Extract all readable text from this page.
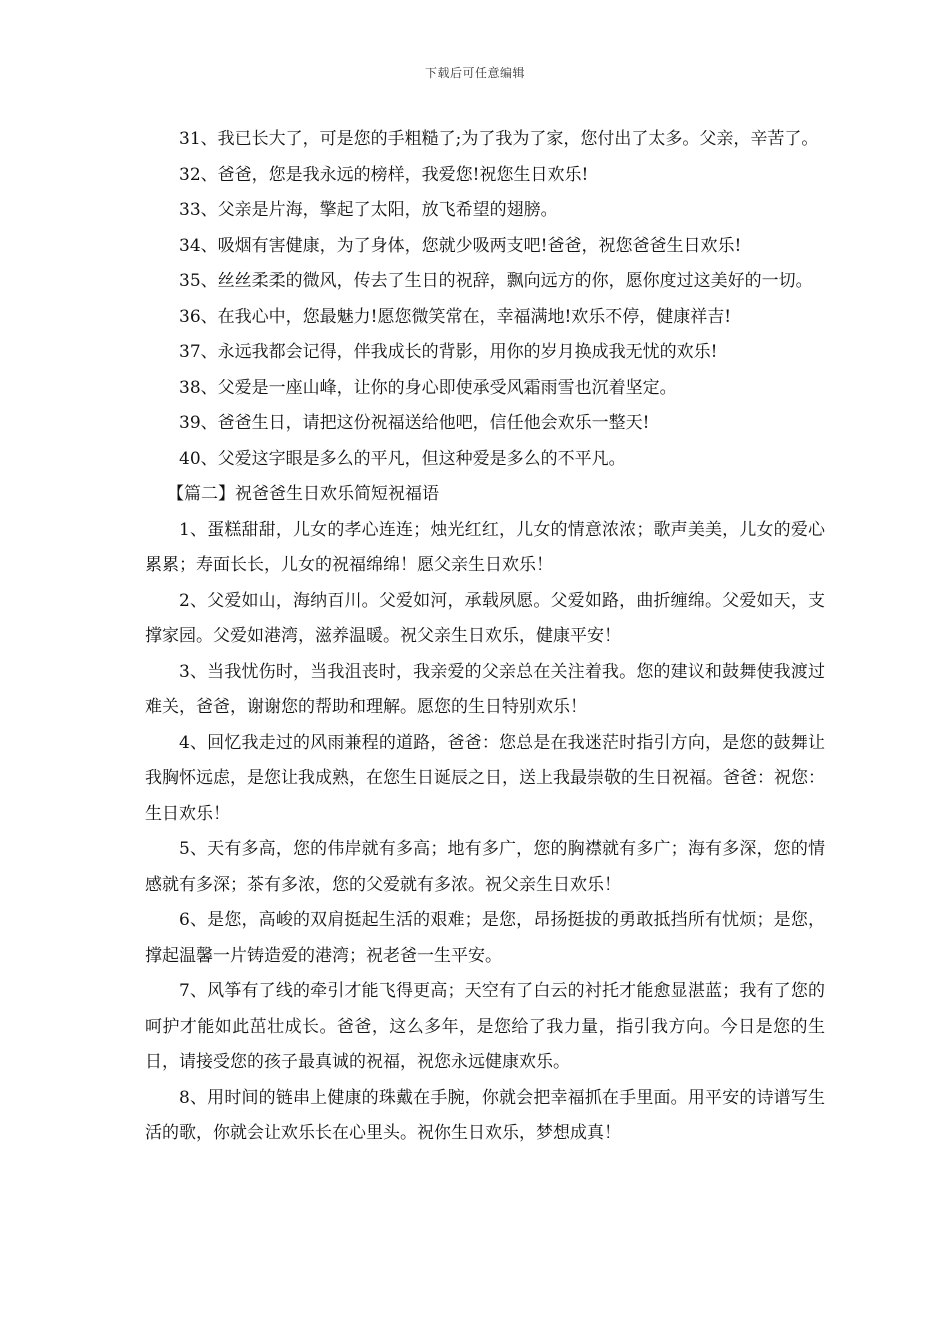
下载后可任意编辑

31、我已长大了，可是您的手粗糙了;为了我为了家，您付出了太多。父亲，辛苦了。

32、爸爸，您是我永远的榜样，我爱您!祝您生日欢乐!

33、父亲是片海，擎起了太阳，放飞希望的翅膀。

34、吸烟有害健康，为了身体，您就少吸两支吧!爸爸，祝您爸爸生日欢乐!

35、丝丝柔柔的微风，传去了生日的祝辞，飘向远方的你，愿你度过这美好的一切。

36、在我心中，您最魅力!愿您微笑常在，幸福满地!欢乐不停，健康祥吉!

37、永远我都会记得，伴我成长的背影，用你的岁月换成我无忧的欢乐!

38、父爱是一座山峰，让你的身心即使承受风霜雨雪也沉着坚定。

39、爸爸生日，请把这份祝福送给他吧，信任他会欢乐一整天!

40、父爱这字眼是多么的平凡，但这种爱是多么的不平凡。

【篇二】祝爸爸生日欢乐简短祝福语

1、蛋糕甜甜，儿女的孝心连连；烛光红红，儿女的情意浓浓；歌声美美，儿女的爱心累累；寿面长长，儿女的祝福绵绵！愿父亲生日欢乐！

2、父爱如山，海纳百川。父爱如河，承载夙愿。父爱如路，曲折缠绵。父爱如天，支撑家园。父爱如港湾，滋养温暖。祝父亲生日欢乐，健康平安！

3、当我忧伤时，当我沮丧时，我亲爱的父亲总在关注着我。您的建议和鼓舞使我渡过难关，爸爸，谢谢您的帮助和理解。愿您的生日特别欢乐！

4、回忆我走过的风雨兼程的道路，爸爸：您总是在我迷茫时指引方向，是您的鼓舞让我胸怀远虑，是您让我成熟，在您生日诞辰之日，送上我最崇敬的生日祝福。爸爸：祝您：生日欢乐！

5、天有多高，您的伟岸就有多高；地有多广，您的胸襟就有多广；海有多深，您的情感就有多深；茶有多浓，您的父爱就有多浓。祝父亲生日欢乐！

6、是您，高峻的双肩挺起生活的艰难；是您，昂扬挺拔的勇敢抵挡所有忧烦；是您，撑起温馨一片铸造爱的港湾；祝老爸一生平安。

7、风筝有了线的牵引才能飞得更高；天空有了白云的衬托才能愈显湛蓝；我有了您的呵护才能如此茁壮成长。爸爸，这么多年，是您给了我力量，指引我方向。今日是您的生日，请接受您的孩子最真诚的祝福，祝您永远健康欢乐。

8、用时间的链串上健康的珠戴在手腕，你就会把幸福抓在手里面。用平安的诗谱写生活的歌，你就会让欢乐长在心里头。祝你生日欢乐，梦想成真！
